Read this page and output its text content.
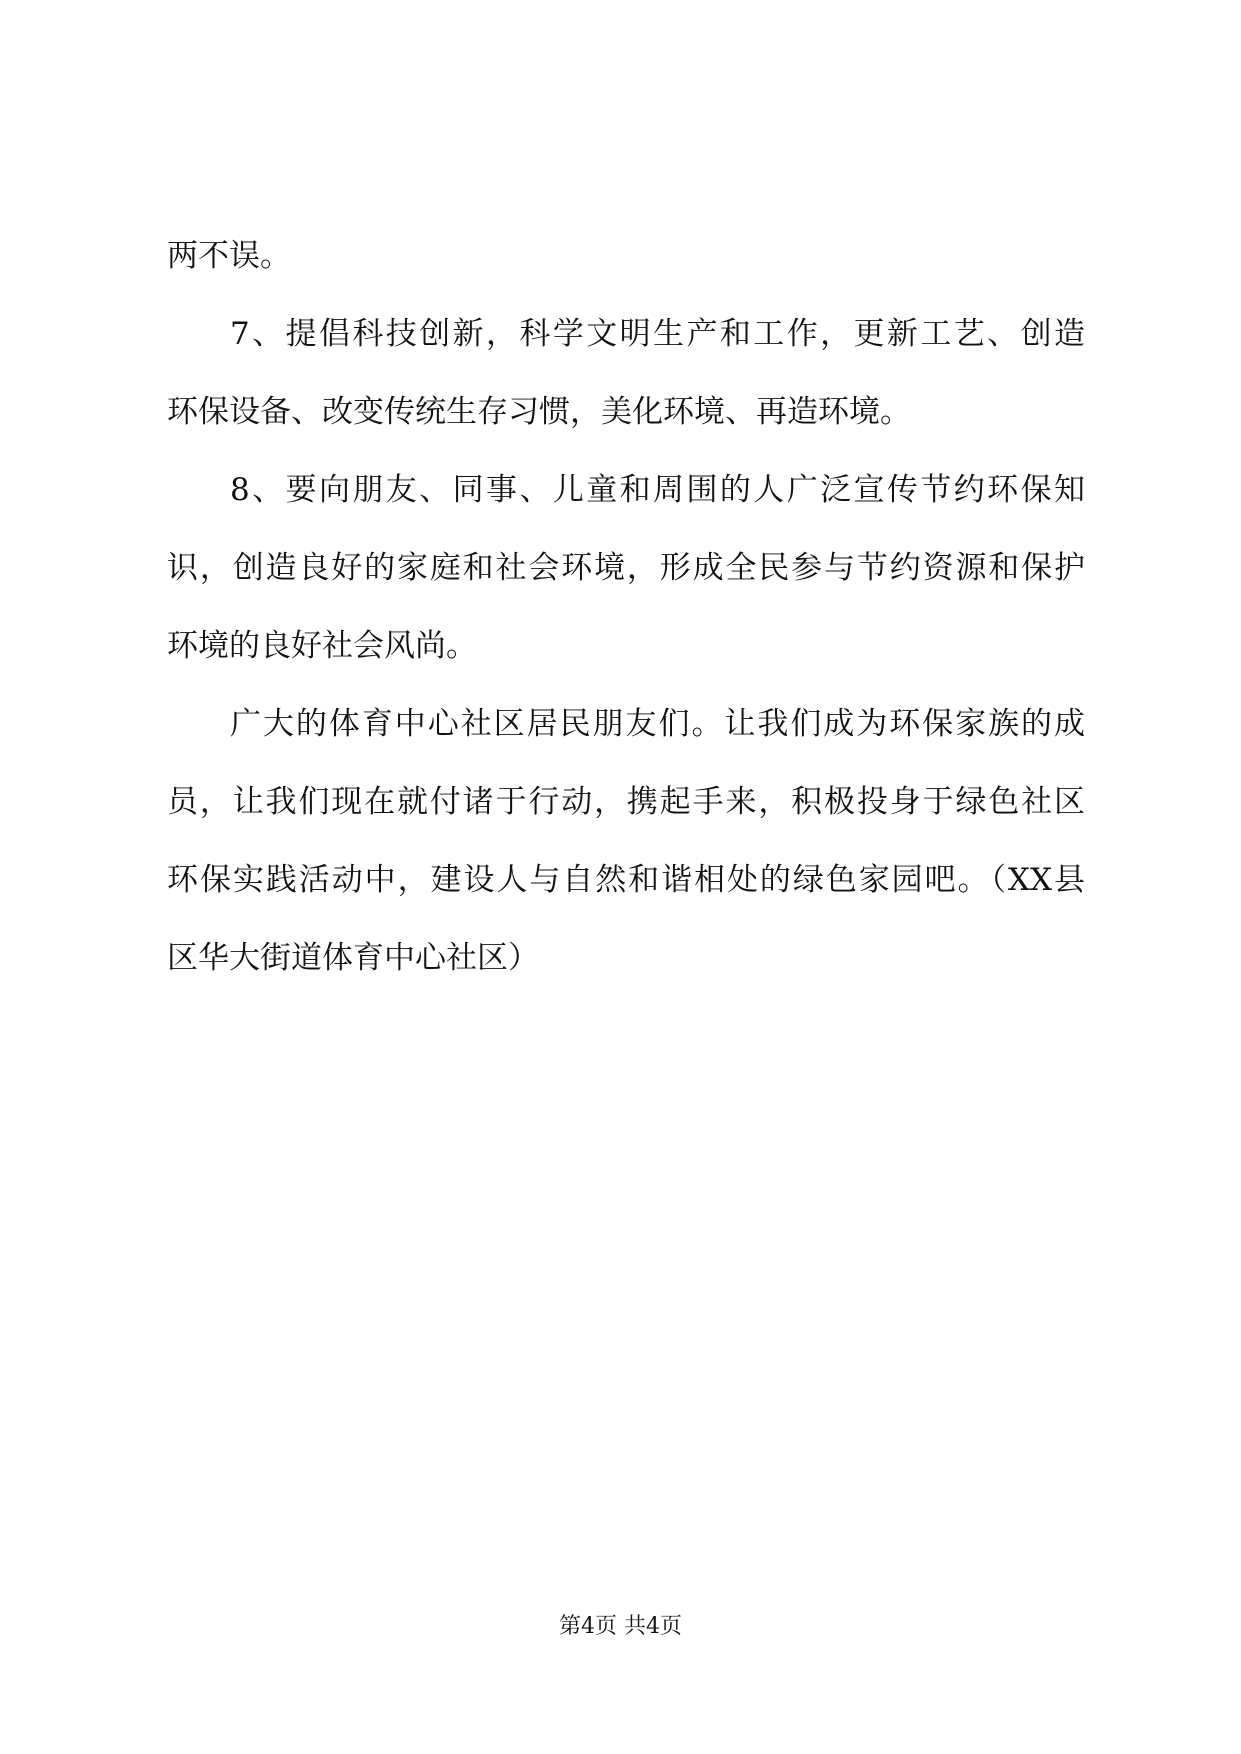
两不误。
7、提倡科技创新，科学文明生产和工作，更新工艺、创造
环保设备、改变传统生存习惯，美化环境、再造环境。
8、要向朋友、同事、儿童和周围的人广泛宣传节约环保知
识，创造良好的家庭和社会环境，形成全民参与节约资源和保护
环境的良好社会风尚。
广大的体育中心社区居民朋友们。让我们成为环保家族的成
员，让我们现在就付诸于行动，携起手来，积极投身于绿色社区
环保实践活动中，建设人与自然和谐相处的绿色家园吧。（XX县
区华大街道体育中心社区）
第4页 共4页
